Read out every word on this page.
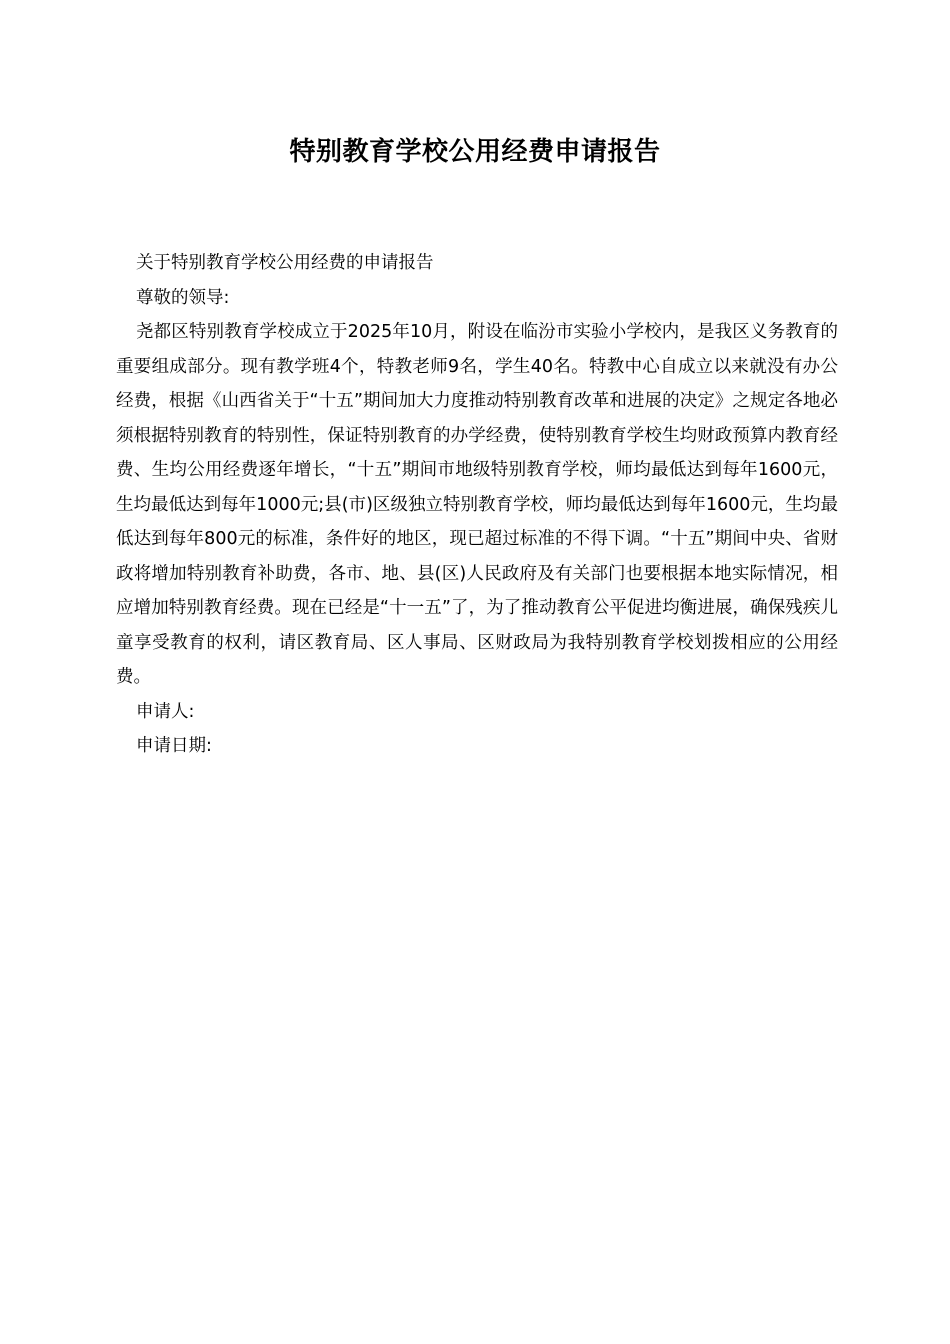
特别教育学校公用经费申请报告

关于特别教育学校公用经费的申请报告

尊敬的领导:

尧都区特别教育学校成立于2025年10月，附设在临汾市实验小学校内，是我区义务教育的重要组成部分。现有教学班4个，特教老师9名，学生40名。特教中心自成立以来就没有办公经费，根据《山西省关于“十五”期间加大力度推动特别教育改革和进展的决定》之规定各地必须根据特别教育的特别性，保证特别教育的办学经费，使特别教育学校生均财政预算内教育经费、生均公用经费逐年增长，“十五”期间市地级特别教育学校，师均最低达到每年1600元，生均最低达到每年1000元;县(市)区级独立特别教育学校，师均最低达到每年1600元，生均最低达到每年800元的标准，条件好的地区，现已超过标准的不得下调。“十五”期间中央、省财政将增加特别教育补助费，各市、地、县(区)人民政府及有关部门也要根据本地实际情况，相应增加特别教育经费。现在已经是“十一五”了，为了推动教育公平促进均衡进展，确保残疾儿童享受教育的权利，请区教育局、区人事局、区财政局为我特别教育学校划拨相应的公用经费。

申请人:

申请日期:
